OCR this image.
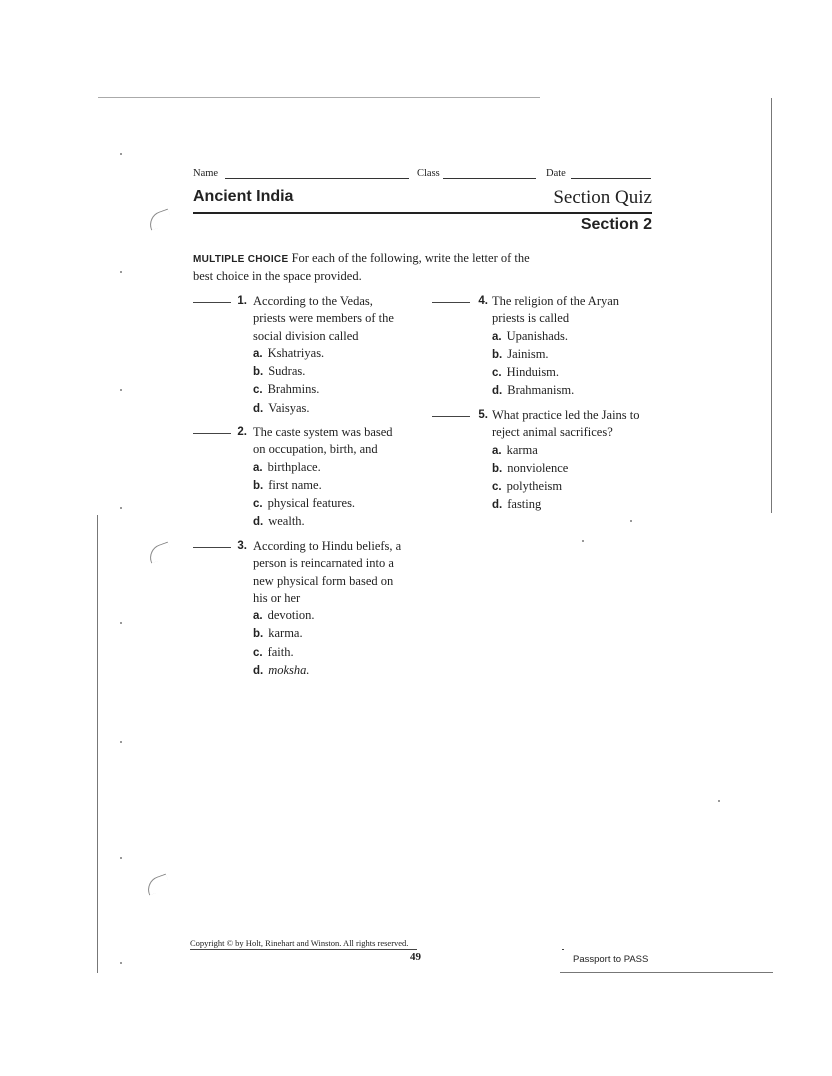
Name	Class	Date
Ancient India	Section Quiz
Section 2
MULTIPLE CHOICE For each of the following, write the letter of the
best choice in the space provided.
1. According to the Vedas,
priests were members of the
social division called
a. Kshatriyas.
b. Sudras.
c. Brahmins.
d. Vaisyas.
2. The caste system was based
on occupation, birth, and
a. birthplace.
b. first name.
c. physical features.
d. wealth.
3. According to Hindu beliefs, a
person is reincarnated into a
new physical form based on
his or her
a. devotion.
b. karma.
c. faith.
d. moksha.
4. The religion of the Aryan
priests is called
a. Upanishads.
b. Jainism.
c. Hinduism.
d. Brahmanism.
5. What practice led the Jains to
reject animal sacrifices?
a. karma
b. nonviolence
c. polytheism
d. fasting
Copyright © by Holt, Rinehart and Winston. All rights reserved.
49	Passport to PASS
